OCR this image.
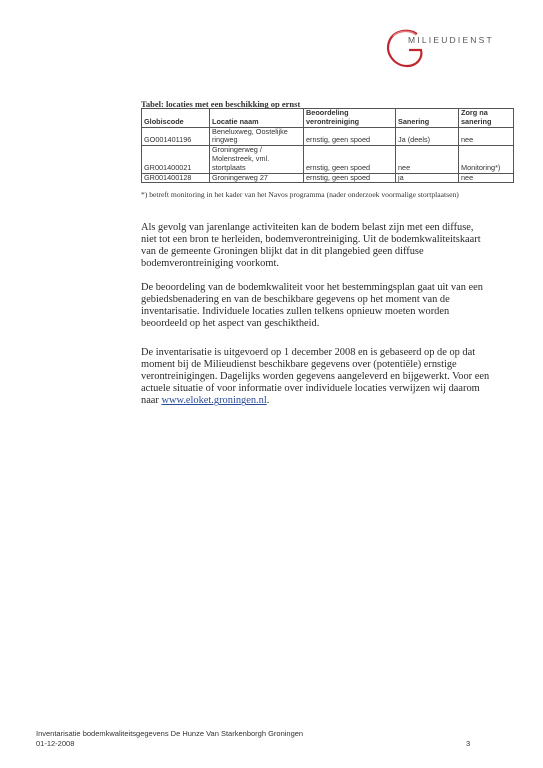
MILIEUDIENST
Tabel: locaties met een beschikking op ernst
Globiscode	Locatie naam	Beoordeling verontreiniging	Sanering	Zorg na sanering
GO001401196	Beneluxweg, Oostelijke ringweg	ernstig, geen spoed	Ja (deels)	nee
GR001400021	Groningerweg / Molenstreek, vml. stortplaats	ernstig, geen spoed	nee	Monitoring*)
GR001400128	Groningerweg 27	ernstig, geen spoed	ja	nee
*) betreft monitoring in het kader van het Navos programma (nader onderzoek voormalige stortplaatsen)

Als gevolg van jarenlange activiteiten kan de bodem belast zijn met een diffuse, niet tot een bron te herleiden, bodemverontreiniging. Uit de bodemkwaliteitskaart van de gemeente Groningen blijkt dat in dit plangebied geen diffuse bodemverontreiniging voorkomt.

De beoordeling van de bodemkwaliteit voor het bestemmingsplan gaat uit van een gebiedsbenadering en van de beschikbare gegevens op het moment van de inventarisatie. Individuele locaties zullen telkens opnieuw moeten worden beoordeeld op het aspect van geschiktheid.

De inventarisatie is uitgevoerd op 1 december 2008 en is gebaseerd op de op dat moment bij de Milieudienst beschikbare gegevens over (potentiële) ernstige verontreinigingen. Dagelijks worden gegevens aangeleverd en bijgewerkt. Voor een actuele situatie of voor informatie over individuele locaties verwijzen wij daarom naar www.eloket.groningen.nl.

Inventarisatie bodemkwaliteitsgegevens De Hunze Van Starkenborgh Groningen
01-12-2008	3
